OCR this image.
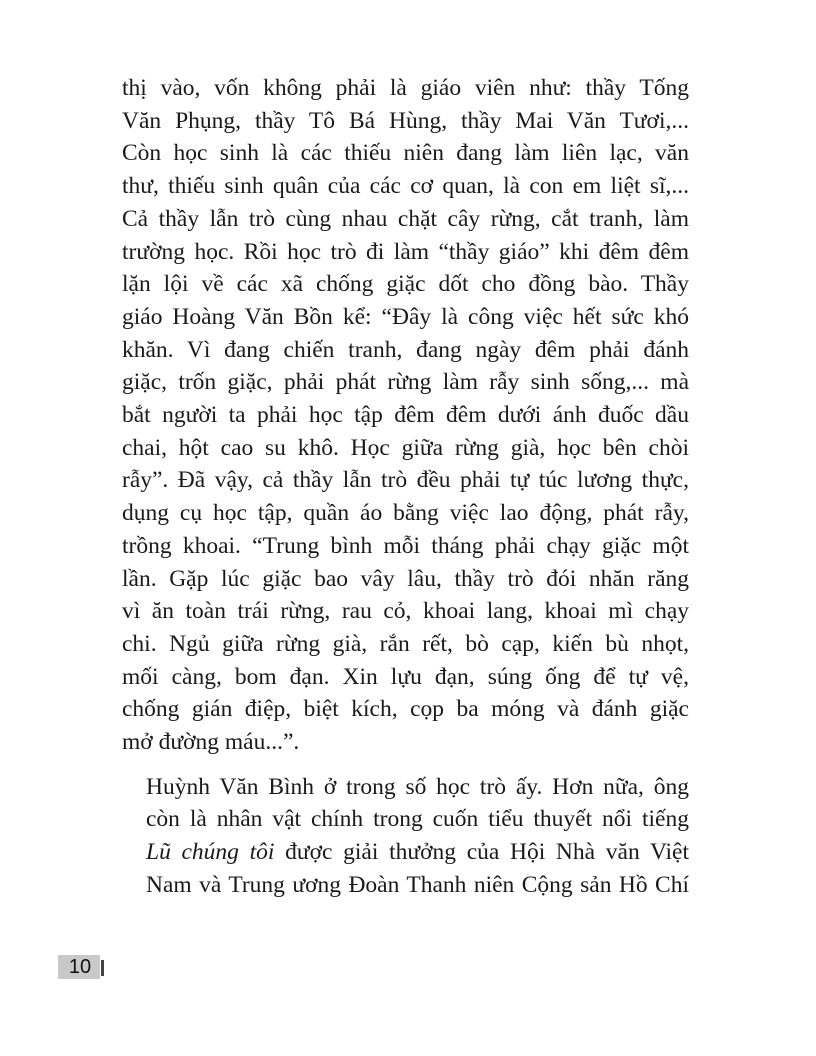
thị vào, vốn không phải là giáo viên như: thầy Tống
Văn Phụng, thầy Tô Bá Hùng, thầy Mai Văn Tươi,...
Còn học sinh là các thiếu niên đang làm liên lạc, văn
thư, thiếu sinh quân của các cơ quan, là con em liệt sĩ,...
Cả thầy lẫn trò cùng nhau chặt cây rừng, cắt tranh, làm
trường học. Rồi học trò đi làm “thầy giáo” khi đêm đêm
lặn lội về các xã chống giặc dốt cho đồng bào. Thầy
giáo Hoàng Văn Bồn kể: “Đây là công việc hết sức khó
khăn. Vì đang chiến tranh, đang ngày đêm phải đánh
giặc, trốn giặc, phải phát rừng làm rẫy sinh sống,... mà
bắt người ta phải học tập đêm đêm dưới ánh đuốc dầu
chai, hột cao su khô. Học giữa rừng già, học bên chòi
rẫy”. Đã vậy, cả thầy lẫn trò đều phải tự túc lương thực,
dụng cụ học tập, quần áo bằng việc lao động, phát rẫy,
trồng khoai. “Trung bình mỗi tháng phải chạy giặc một
lần. Gặp lúc giặc bao vây lâu, thầy trò đói nhăn răng
vì ăn toàn trái rừng, rau cỏ, khoai lang, khoai mì chạy
chi. Ngủ giữa rừng già, rắn rết, bò cạp, kiến bù nhọt,
mối càng, bom đạn. Xin lựu đạn, súng ống để tự vệ,
chống gián điệp, biệt kích, cọp ba móng và đánh giặc
mở đường máu...”.

Huỳnh Văn Bình ở trong số học trò ấy. Hơn nữa, ông
còn là nhân vật chính trong cuốn tiểu thuyết nổi tiếng
Lũ chúng tôi được giải thưởng của Hội Nhà văn Việt
Nam và Trung ương Đoàn Thanh niên Cộng sản Hồ Chí

10
